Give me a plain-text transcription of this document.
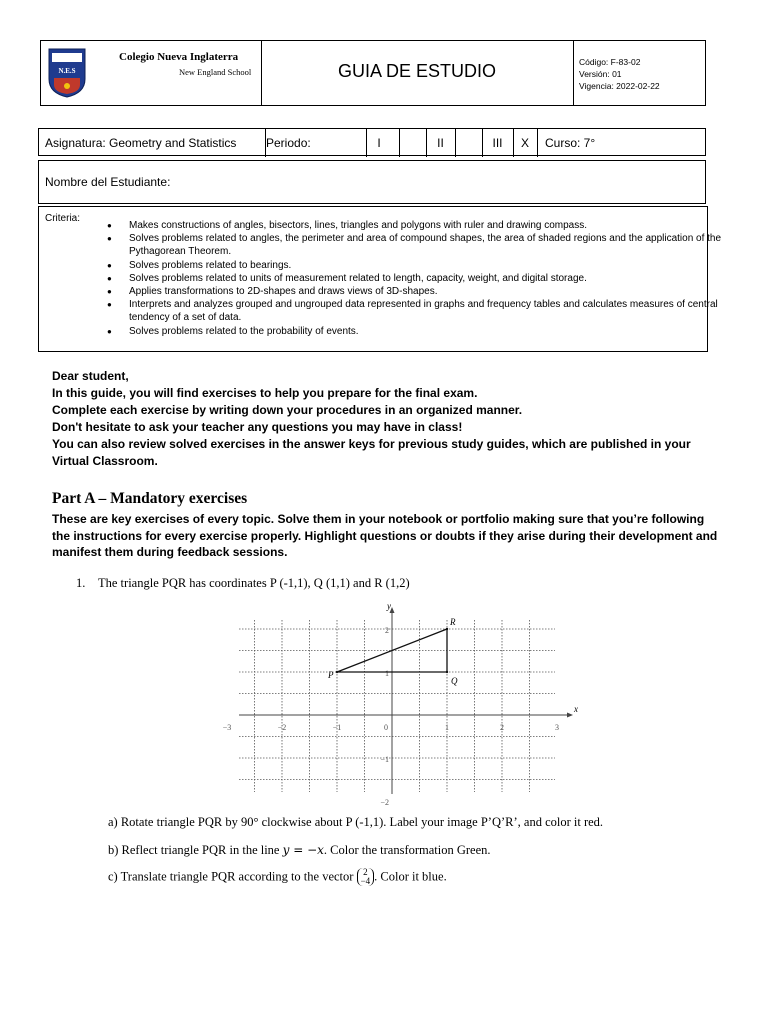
N.E.S
Colegio Nueva Inglaterra
New England School	GUIA DE ESTUDIO	Código: F-83-02
Versión: 01
Vigencia: 2022-02-22
Asignatura: Geometry and Statistics	Periodo:	I	II	III	X	Curso: 7°
Nombre del Estudiante:
Criteria:
● Makes constructions of angles, bisectors, lines, triangles and polygons with ruler and drawing compass.
● Solves problems related to angles, the perimeter and area of compound shapes, the area of shaded regions and the application of the Pythagorean Theorem.
● Solves problems related to bearings.
● Solves problems related to units of measurement related to length, capacity, weight, and digital storage.
● Applies transformations to 2D-shapes and draws views of 3D-shapes.
● Interprets and analyzes grouped and ungrouped data represented in graphs and frequency tables and calculates measures of central tendency of a set of data.
● Solves problems related to the probability of events.
Dear student,
In this guide, you will find exercises to help you prepare for the final exam.
Complete each exercise by writing down your procedures in an organized manner.
Don't hesitate to ask your teacher any questions you may have in class!
You can also review solved exercises in the answer keys for previous study guides, which are published in your Virtual Classroom.
Part A – Mandatory exercises
These are key exercises of every topic. Solve them in your notebook or portfolio making sure that you’re following the instructions for every exercise properly. Highlight questions or doubts if they arise during their development and manifest them during feedback sessions.
1. The triangle PQR has coordinates P (-1,1), Q (1,1) and R (1,2)
x
y
−3	−2	−1	0	1	2	3
2
1
−1
−2
P
Q
R
a) Rotate triangle PQR by 90° clockwise about P (-1,1). Label your image P’Q’R’, and color it red.
b) Reflect triangle PQR in the line y = −x. Color the transformation Green.
c) Translate triangle PQR according to the vector 2
−4 . Color it blue.
